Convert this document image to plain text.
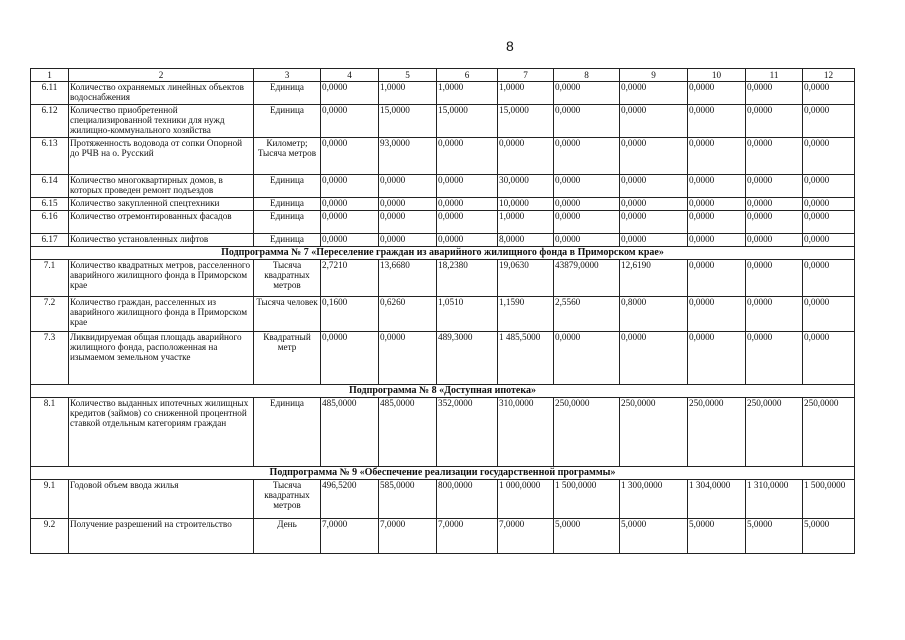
8
1	2	3	4	5	6	7	8	9	10	11	12
6.11	Количество охраняемых линейных объектов водоснабжения	Единица	0,0000	1,0000	1,0000	1,0000	0,0000	0,0000	0,0000	0,0000	0,0000
6.12	Количество приобретенной специализированной техники для нужд жилищно-коммунального хозяйства	Единица	0,0000	15,0000	15,0000	15,0000	0,0000	0,0000	0,0000	0,0000	0,0000
6.13	Протяженность водовода от сопки Опорной до РЧВ на о. Русский	Километр; Тысяча метров	0,0000	93,0000	0,0000	0,0000	0,0000	0,0000	0,0000	0,0000	0,0000
6.14	Количество многоквартирных домов, в которых проведен ремонт подъездов	Единица	0,0000	0,0000	0,0000	30,0000	0,0000	0,0000	0,0000	0,0000	0,0000
6.15	Количество закупленной спецтехники	Единица	0,0000	0,0000	0,0000	10,0000	0,0000	0,0000	0,0000	0,0000	0,0000
6.16	Количество отремонтированных фасадов	Единица	0,0000	0,0000	0,0000	1,0000	0,0000	0,0000	0,0000	0,0000	0,0000
6.17	Количество установленных лифтов	Единица	0,0000	0,0000	0,0000	8,0000	0,0000	0,0000	0,0000	0,0000	0,0000
Подпрограмма № 7 «Переселение граждан из аварийного жилищного фонда в Приморском крае»											
7.1	Количество квадратных метров, расселенного аварийного жилищного фонда в Приморском крае	Тысяча квадратных метров	2,7210	13,6680	18,2380	19,0630	43879,0000	12,6190	0,0000	0,0000	0,0000
7.2	Количество граждан, расселенных из аварийного жилищного фонда в Приморском крае	Тысяча человек	0,1600	0,6260	1,0510	1,1590	2,5560	0,8000	0,0000	0,0000	0,0000
7.3	Ликвидируемая общая площадь аварийного жилищного фонда, расположенная на изымаемом земельном участке	Квадратный метр	0,0000	0,0000	489,3000	1 485,5000	0,0000	0,0000	0,0000	0,0000	0,0000
Подпрограмма № 8 «Доступная ипотека»											
8.1	Количество выданных ипотечных жилищных кредитов (займов) со сниженной процентной ставкой отдельным категориям граждан	Единица	485,0000	485,0000	352,0000	310,0000	250,0000	250,0000	250,0000	250,0000	250,0000
Подпрограмма № 9 «Обеспечение реализации государственной программы»											
9.1	Годовой объем ввода жилья	Тысяча квадратных метров	496,5200	585,0000	800,0000	1 000,0000	1 500,0000	1 300,0000	1 304,0000	1 310,0000	1 500,0000
9.2	Получение разрешений на строительство	День	7,0000	7,0000	7,0000	7,0000	5,0000	5,0000	5,0000	5,0000	5,0000
